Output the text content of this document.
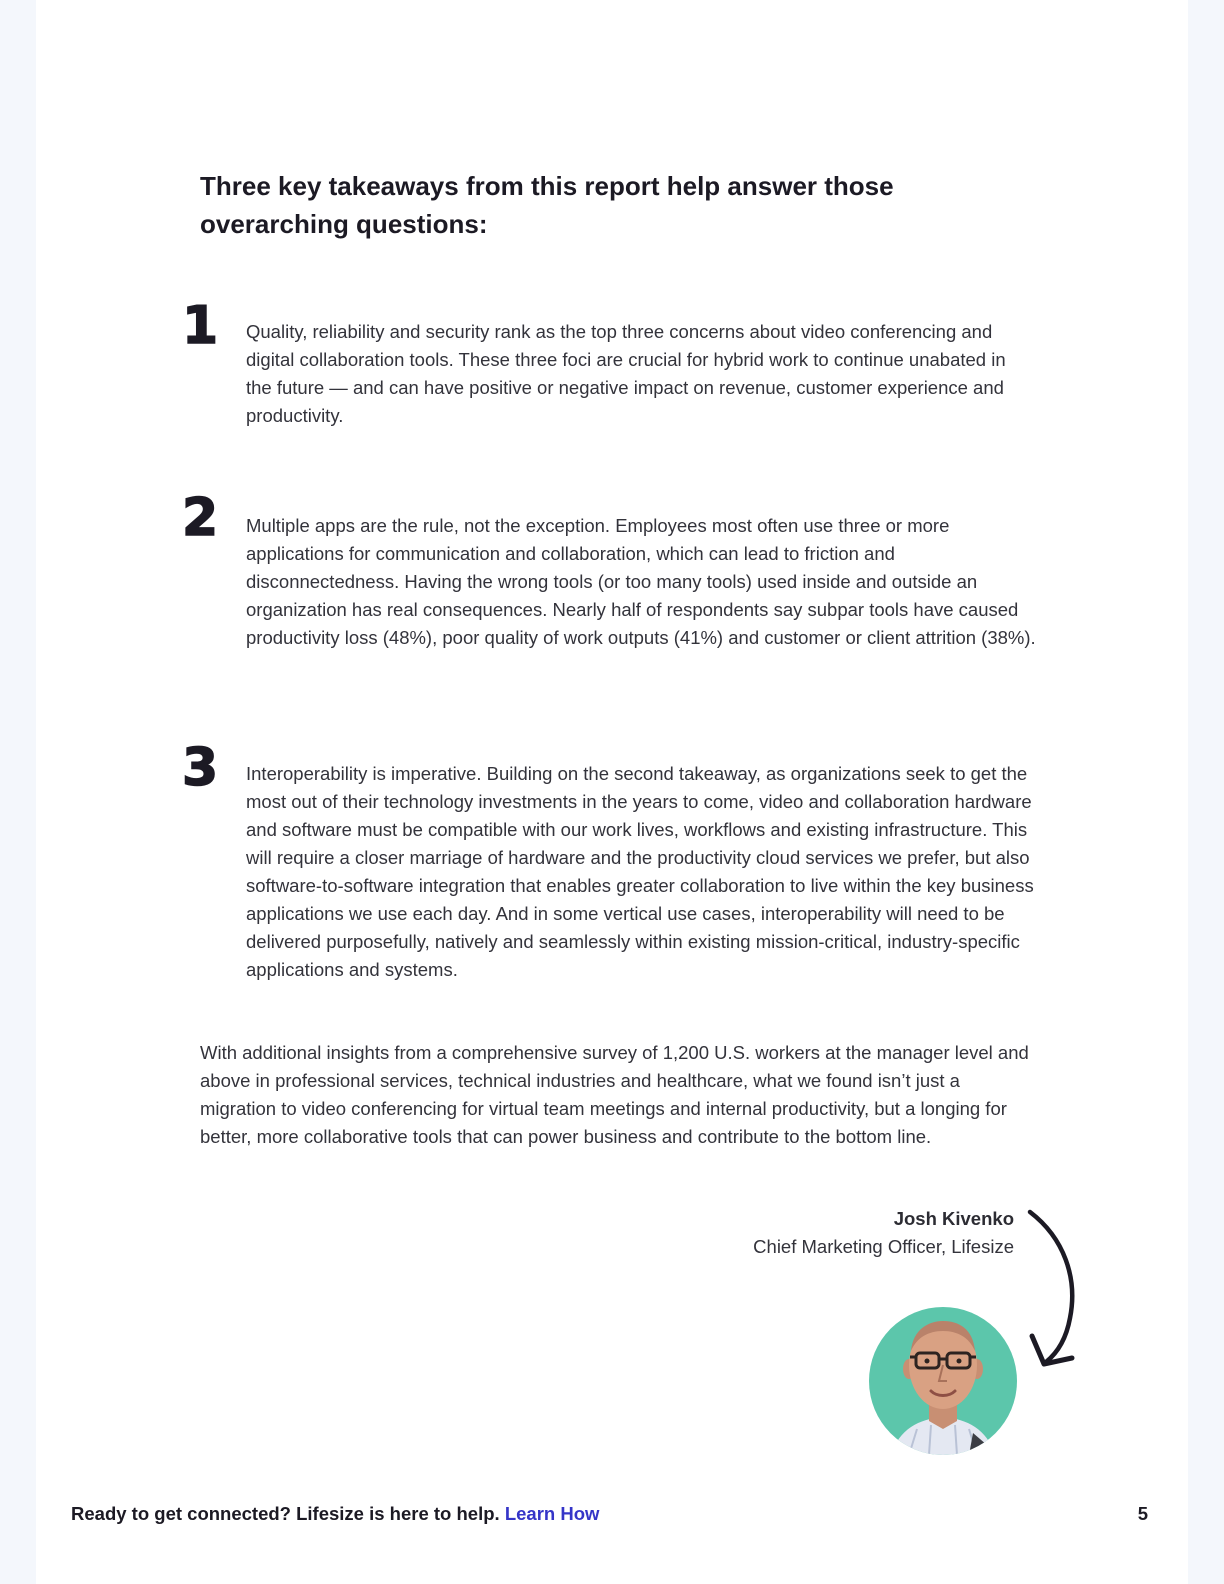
Three key takeaways from this report help answer those overarching questions:
1	Quality, reliability and security rank as the top three concerns about video conferencing and digital collaboration tools. These three foci are crucial for hybrid work to continue unabated in the future — and can have positive or negative impact on revenue, customer experience and productivity.

2	Multiple apps are the rule, not the exception. Employees most often use three or more applications for communication and collaboration, which can lead to friction and disconnectedness. Having the wrong tools (or too many tools) used inside and outside an organization has real consequences. Nearly half of respondents say subpar tools have caused productivity loss (48%), poor quality of work outputs (41%) and customer or client attrition (38%).

3	Interoperability is imperative. Building on the second takeaway, as organizations seek to get the most out of their technology investments in the years to come, video and collaboration hardware and software must be compatible with our work lives, workflows and existing infrastructure. This will require a closer marriage of hardware and the productivity cloud services we prefer, but also software-to-software integration that enables greater collaboration to live within the key business applications we use each day. And in some vertical use cases, interoperability will need to be delivered purposefully, natively and seamlessly within existing mission-critical, industry-specific applications and systems.

With additional insights from a comprehensive survey of 1,200 U.S. workers at the manager level and above in professional services, technical industries and healthcare, what we found isn’t just a migration to video conferencing for virtual team meetings and internal productivity, but a longing for better, more collaborative tools that can power business and contribute to the bottom line.

Josh Kivenko
Chief Marketing Officer, Lifesize
Ready to get connected? Lifesize is here to help. Learn How	5
